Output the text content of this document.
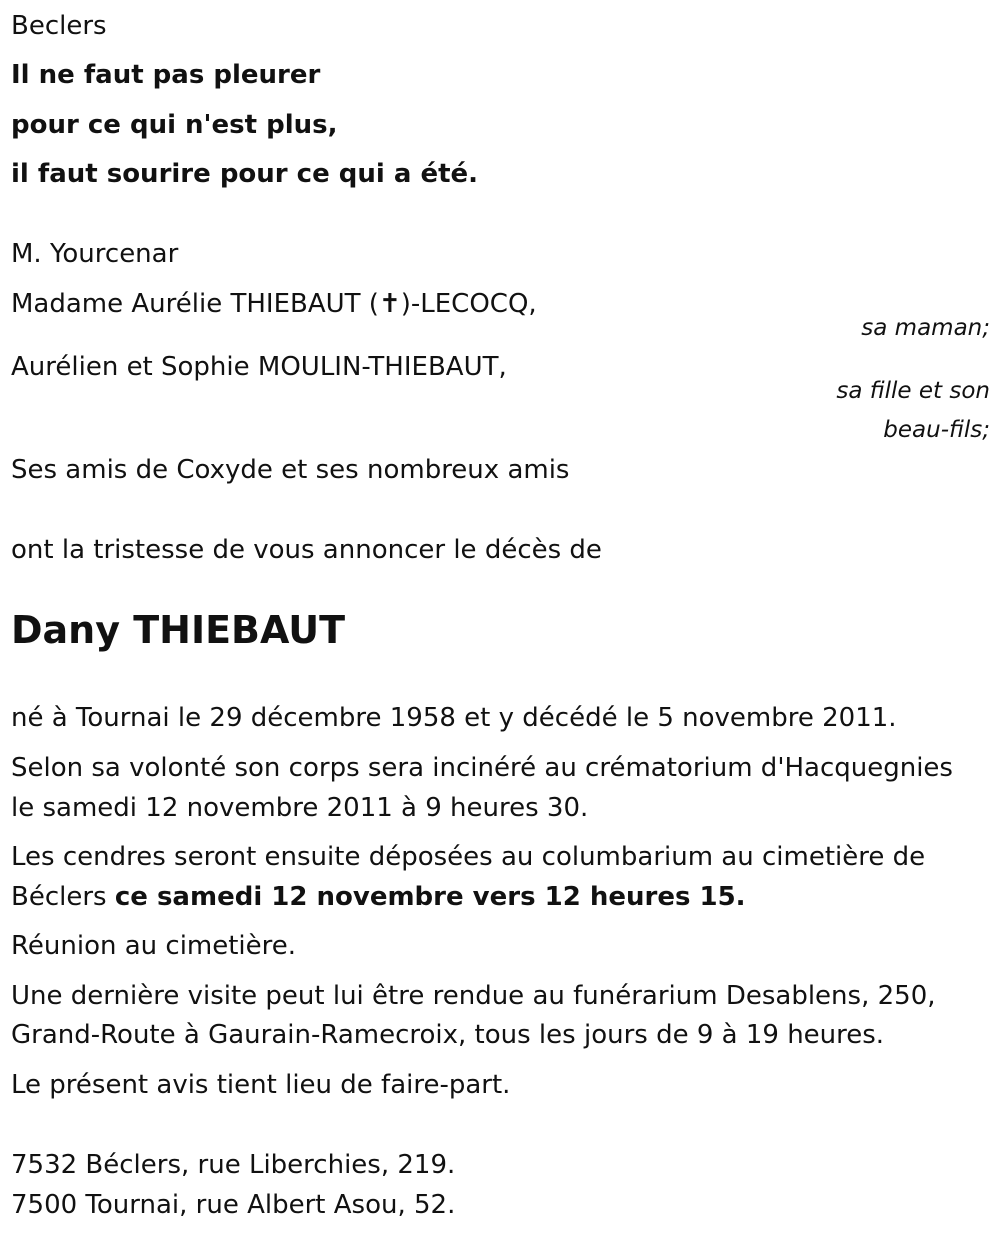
Beclers

Il ne faut pas pleurer

pour ce qui n'est plus,

il faut sourire pour ce qui a été.

M. Yourcenar

Madame Aurélie THIEBAUT (✝)-LECOCQ,

sa maman;

Aurélien et Sophie MOULIN-THIEBAUT,

sa fille et son

beau-fils;

Ses amis de Coxyde et ses nombreux amis

ont la tristesse de vous annoncer le décès de

Dany THIEBAUT

né à Tournai le 29 décembre 1958 et y décédé le 5 novembre 2011.

Selon sa volonté son corps sera incinéré au crématorium d'Hacquegnies

le samedi 12 novembre 2011 à 9 heures 30.

Les cendres seront ensuite déposées au columbarium au cimetière de

Béclers ce samedi 12 novembre vers 12 heures 15.

Réunion au cimetière.

Une dernière visite peut lui être rendue au funérarium Desablens, 250,

Grand-Route à Gaurain-Ramecroix, tous les jours de 9 à 19 heures.

Le présent avis tient lieu de faire-part.

7532 Béclers, rue Liberchies, 219.

7500 Tournai, rue Albert Asou, 52.
